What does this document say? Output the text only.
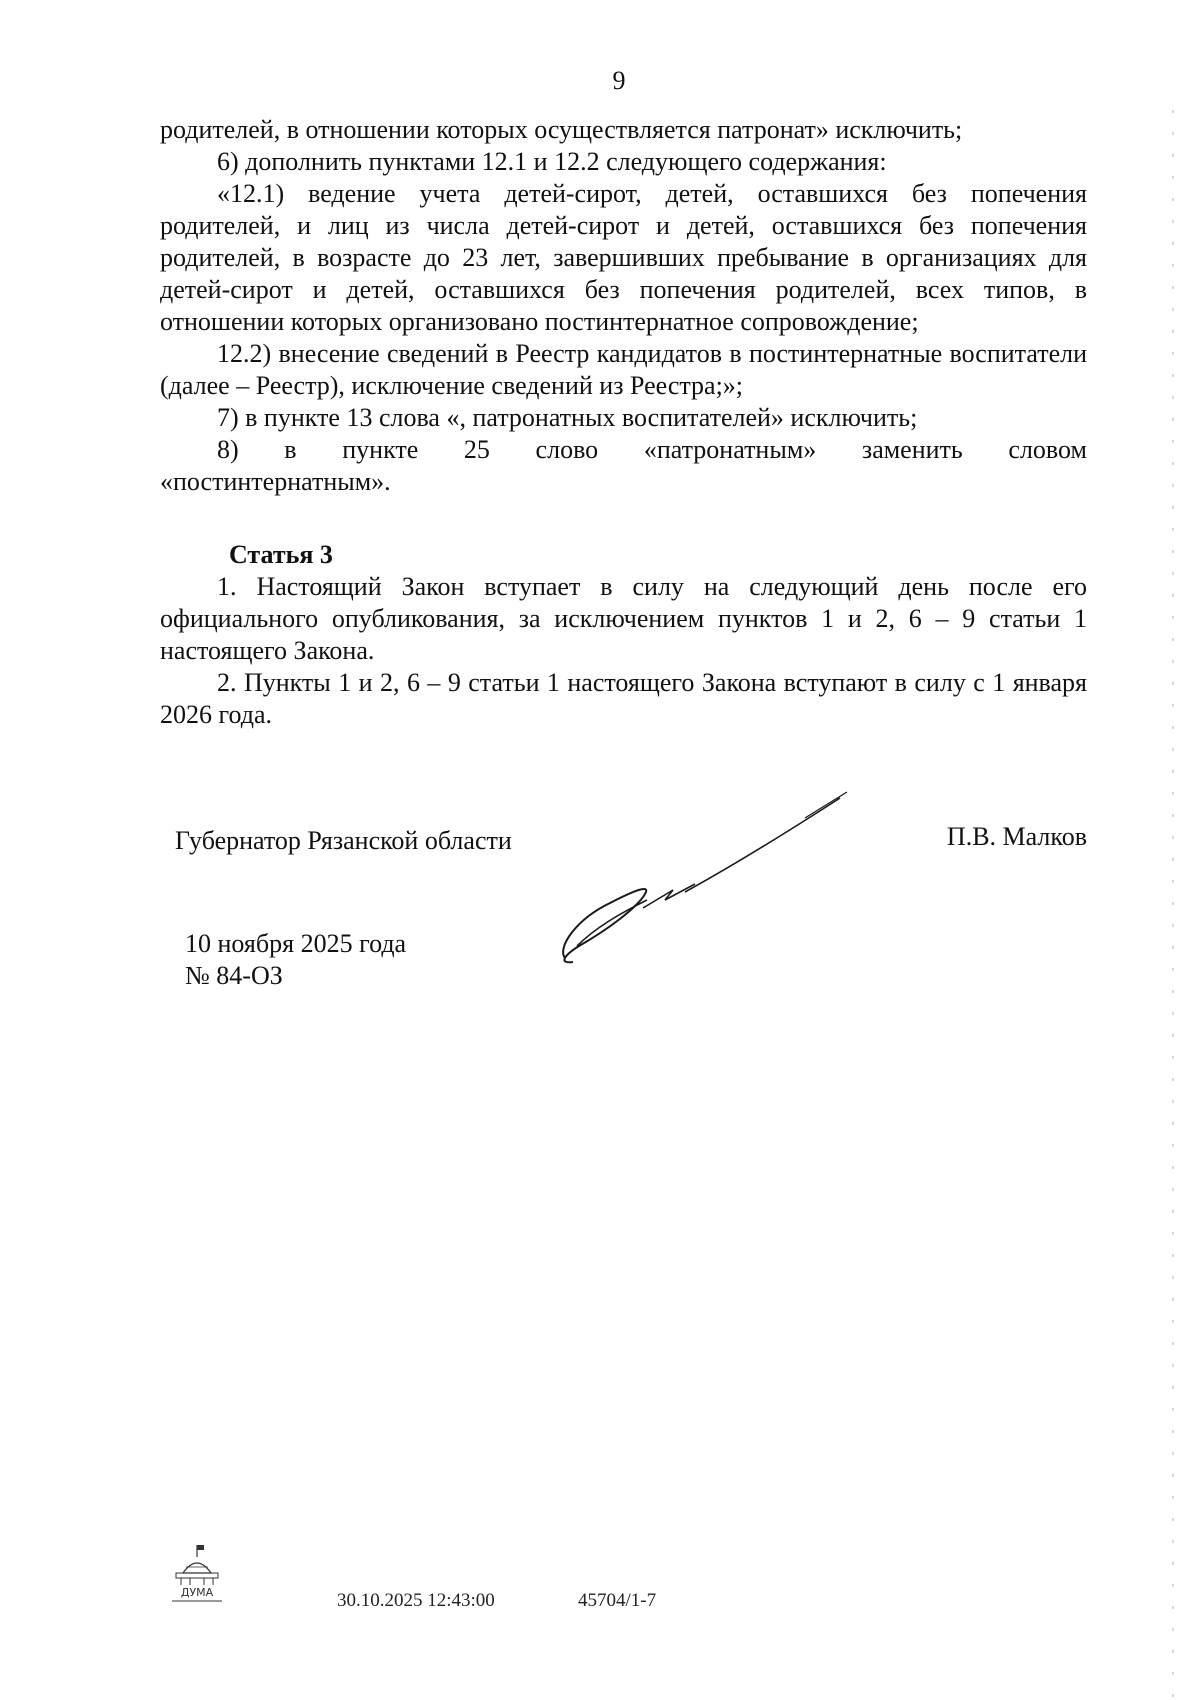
9

родителей, в отношении которых осуществляется патронат» исключить;

6) дополнить пунктами 12.1 и 12.2 следующего содержания:

«12.1) ведение учета детей-сирот, детей, оставшихся без попечения родителей, и лиц из числа детей-сирот и детей, оставшихся без попечения родителей, в возрасте до 23 лет, завершивших пребывание в организациях для детей-сирот и детей, оставшихся без попечения родителей, всех типов, в отношении которых организовано постинтернатное сопровождение;

12.2) внесение сведений в Реестр кандидатов в постинтернатные воспитатели (далее – Реестр), исключение сведений из Реестра;»;

7) в пункте 13 слова «, патронатных воспитателей» исключить;

8) в пункте 25 слово «патронатным» заменить словом

«постинтернатным».

Статья 3

1. Настоящий Закон вступает в силу на следующий день после его официального опубликования, за исключением пунктов 1 и 2, 6 – 9 статьи 1 настоящего Закона.

2. Пункты 1 и 2, 6 – 9 статьи 1 настоящего Закона вступают в силу с 1 января 2026 года.

Губернатор Рязанской области	П.В. Малков
10 ноября 2025 года
№ 84-ОЗ
ДУМА	30.10.2025 12:43:00	45704/1-7
